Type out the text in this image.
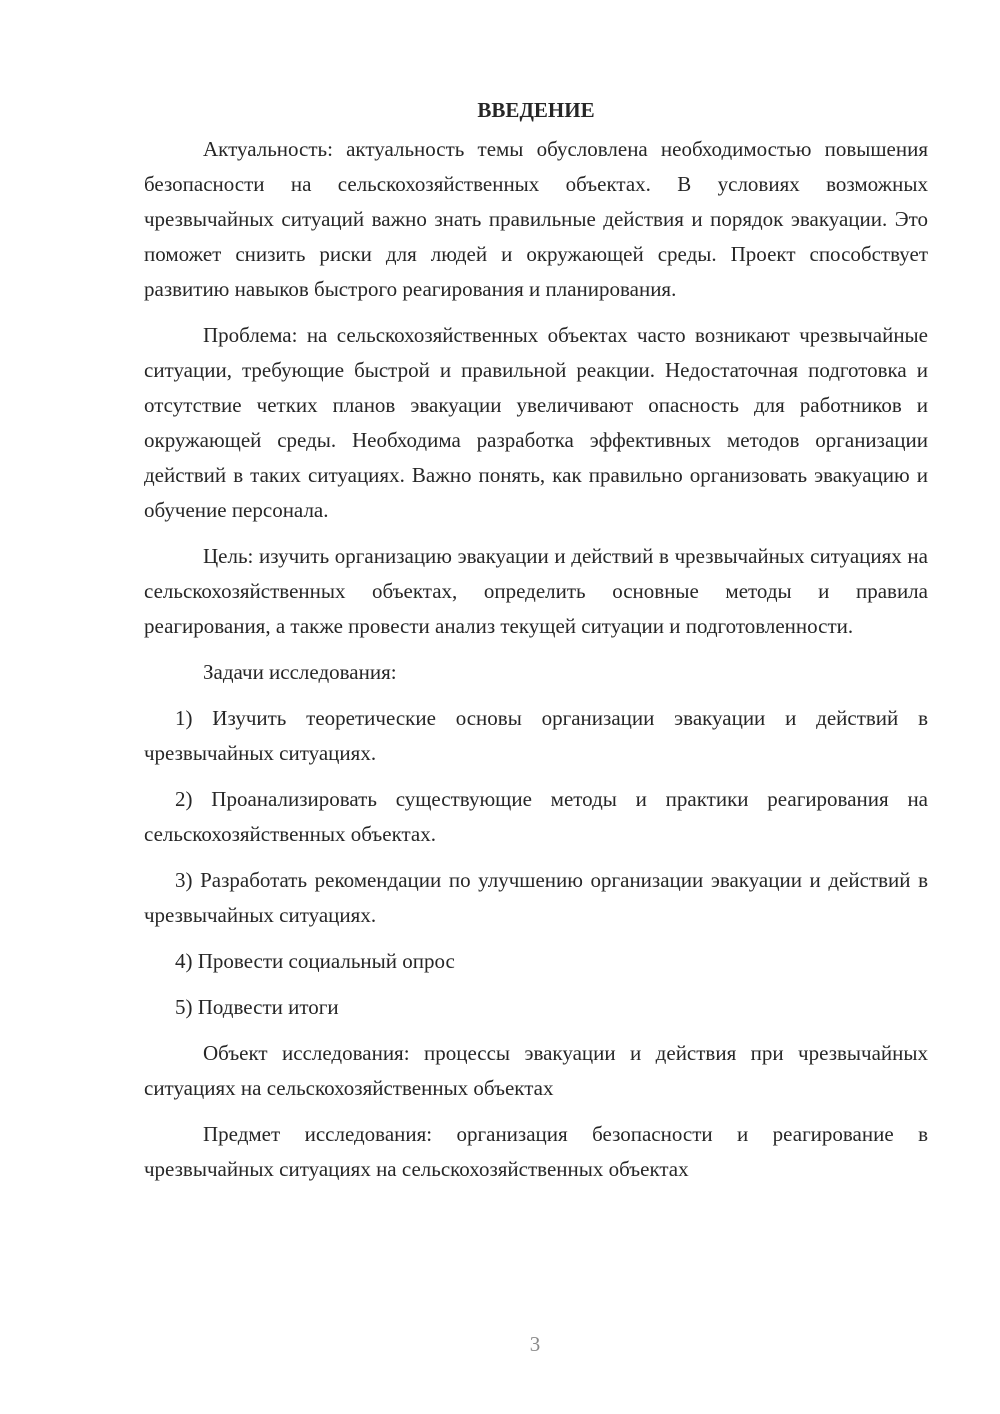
ВВЕДЕНИЕ

Актуальность: актуальность темы обусловлена необходимостью повышения безопасности на сельскохозяйственных объектах. В условиях возможных чрезвычайных ситуаций важно знать правильные действия и порядок эвакуации. Это поможет снизить риски для людей и окружающей среды. Проект способствует развитию навыков быстрого реагирования и планирования.

Проблема: на сельскохозяйственных объектах часто возникают чрезвычайные ситуации, требующие быстрой и правильной реакции. Недостаточная подготовка и отсутствие четких планов эвакуации увеличивают опасность для работников и окружающей среды. Необходима разработка эффективных методов организации действий в таких ситуациях. Важно понять, как правильно организовать эвакуацию и обучение персонала.

Цель: изучить организацию эвакуации и действий в чрезвычайных ситуациях на сельскохозяйственных объектах, определить основные методы и правила реагирования, а также провести анализ текущей ситуации и подготовленности.

Задачи исследования:

1) Изучить теоретические основы организации эвакуации и действий в чрезвычайных ситуациях.

2) Проанализировать существующие методы и практики реагирования на сельскохозяйственных объектах.

3) Разработать рекомендации по улучшению организации эвакуации и действий в чрезвычайных ситуациях.

4) Провести социальный опрос

5) Подвести итоги

Объект исследования: процессы эвакуации и действия при чрезвычайных ситуациях на сельскохозяйственных объектах

Предмет исследования: организация безопасности и реагирование в чрезвычайных ситуациях на сельскохозяйственных объектах

3
